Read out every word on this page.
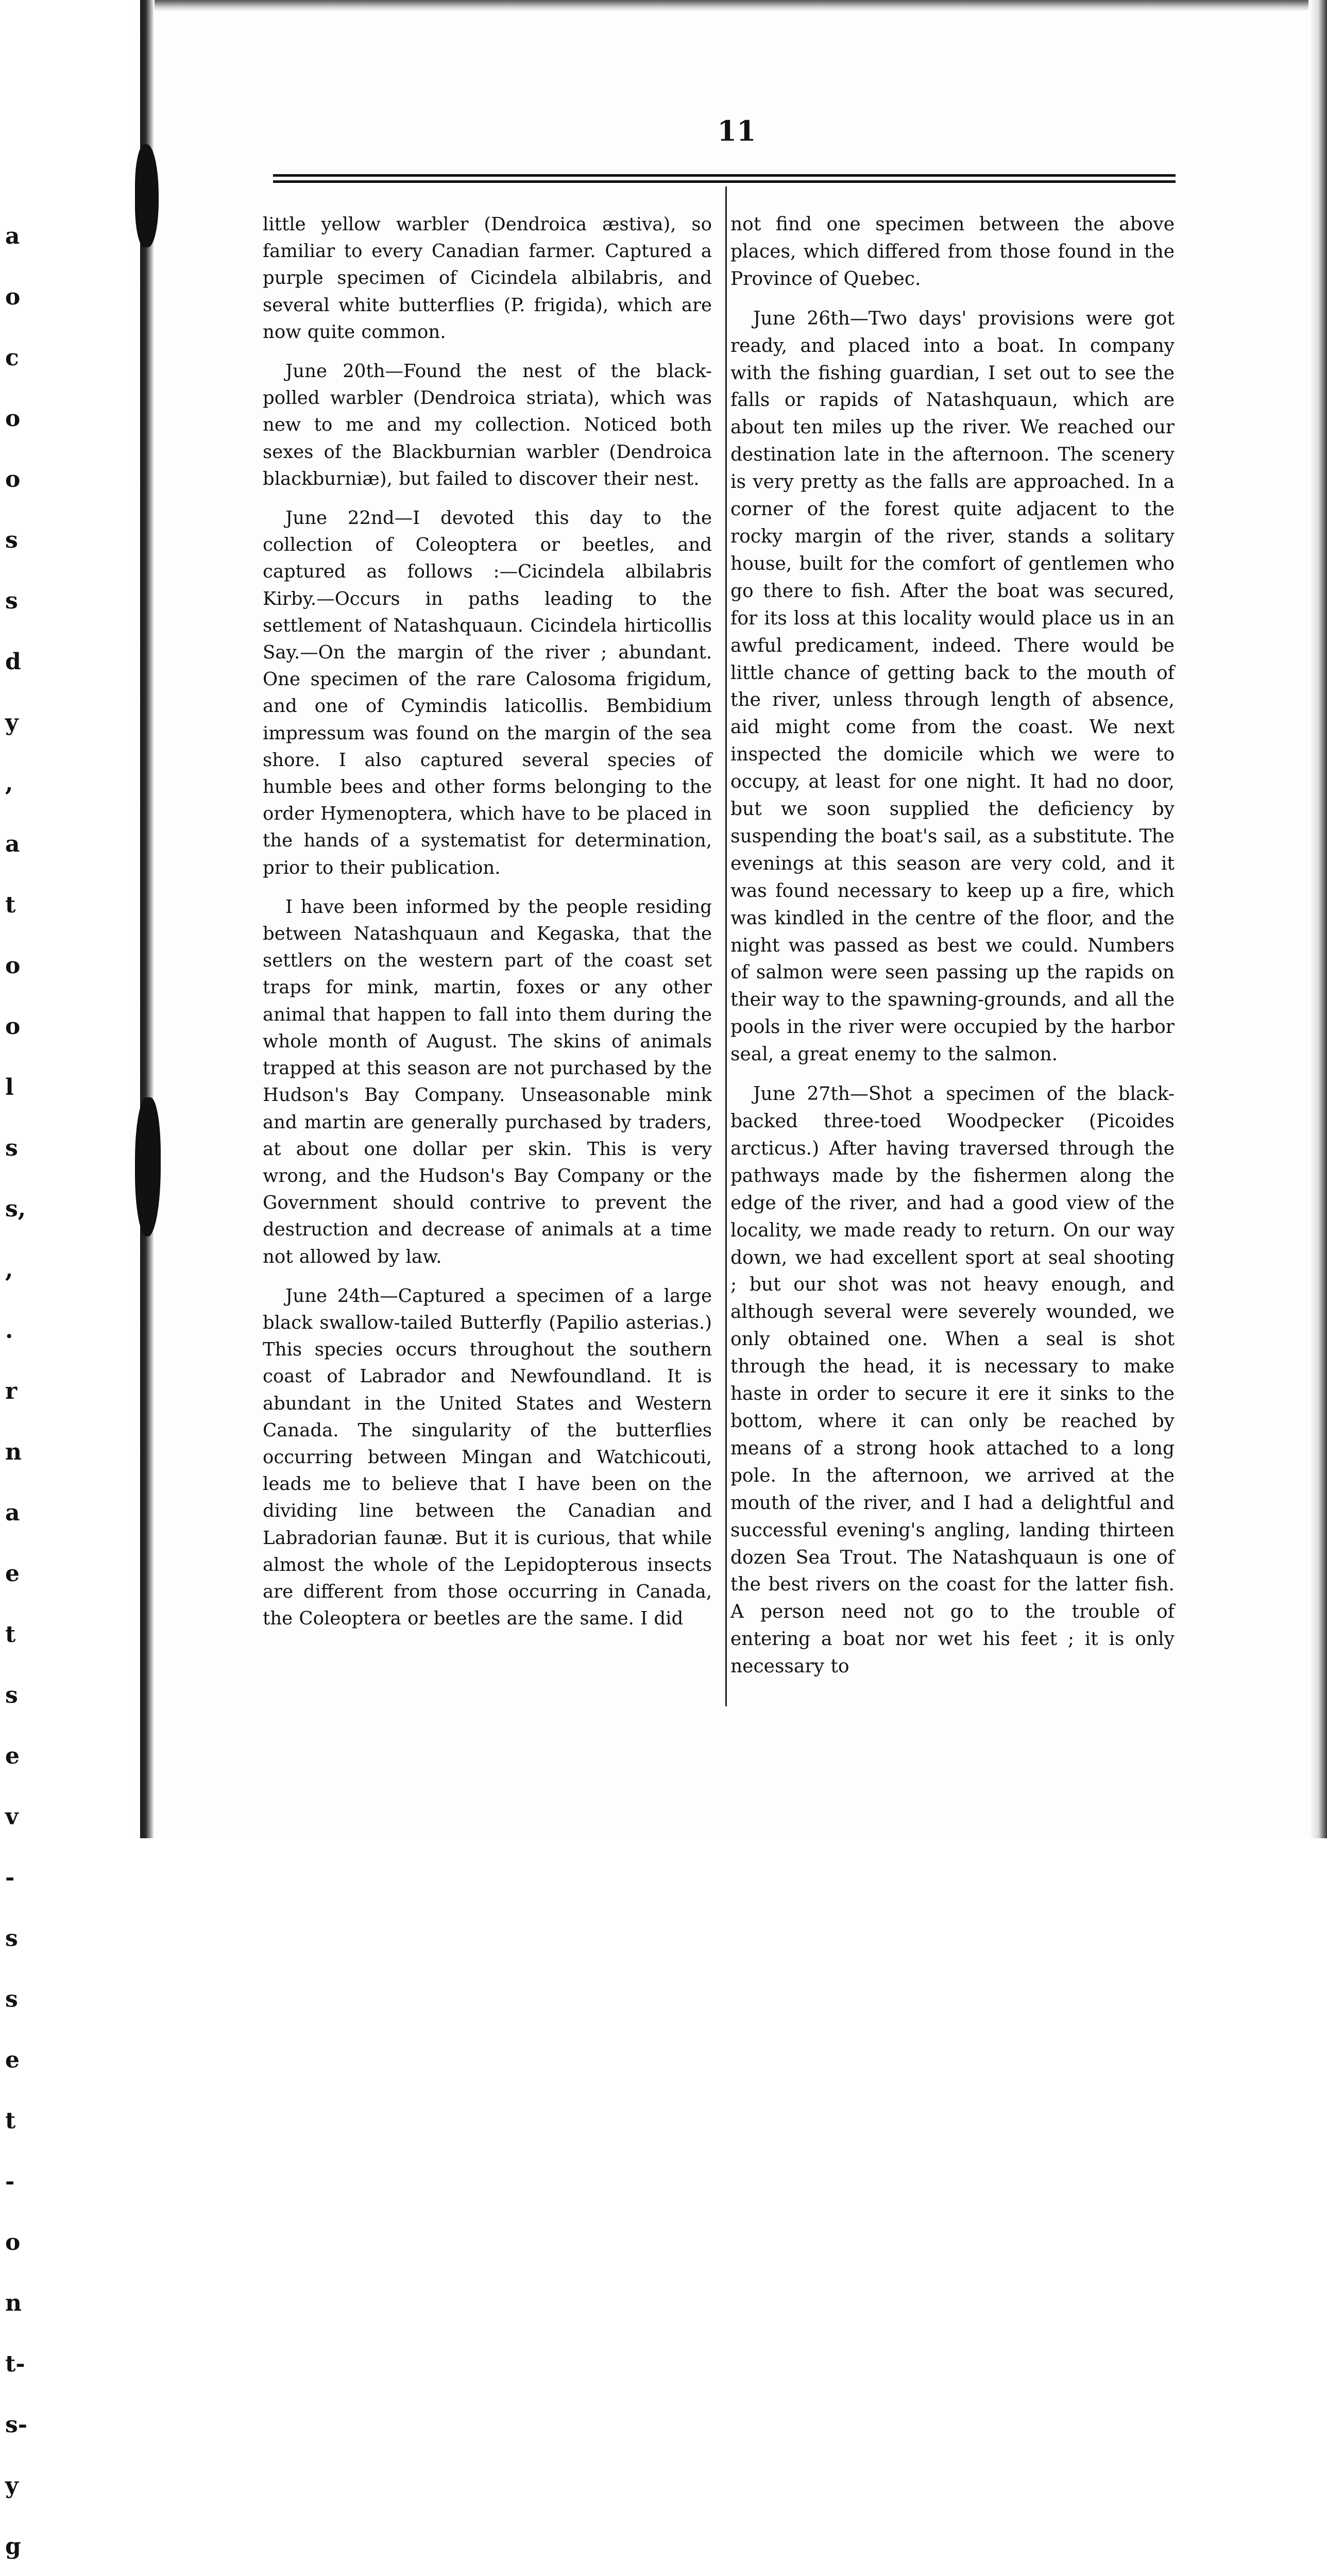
a
o
c
o
o
s
s
d
y
,
a
t
o
o
l
s
s,
,
.
r
n
a
e
t
s
e
v
-
s
s
e
t
-
o
n
t-
s-
y
g
11

little yellow warbler (Dendroica æstiva), so familiar to every Canadian farmer. Captured a purple specimen of Cicindela albilabris, and several white butterflies (P. frigida), which are now quite common.

June 20th—Found the nest of the black-polled warbler (Dendroica striata), which was new to me and my collection. Noticed both sexes of the Blackburnian warbler (Dendroica blackburniæ), but failed to discover their nest.

June 22nd—I devoted this day to the collection of Coleoptera or beetles, and captured as follows :—Cicindela albilabris Kirby.—Occurs in paths leading to the settlement of Natashquaun. Cicindela hirticollis Say.—On the margin of the river ; abundant. One specimen of the rare Calosoma frigidum, and one of Cymindis laticollis. Bembidium impressum was found on the margin of the sea shore. I also captured several species of humble bees and other forms belonging to the order Hymenoptera, which have to be placed in the hands of a systematist for determination, prior to their publication.

I have been informed by the people residing between Natashquaun and Kegaska, that the settlers on the western part of the coast set traps for mink, martin, foxes or any other animal that happen to fall into them during the whole month of August. The skins of animals trapped at this season are not purchased by the Hudson's Bay Company. Unseasonable mink and martin are generally purchased by traders, at about one dollar per skin. This is very wrong, and the Hudson's Bay Company or the Government should contrive to prevent the destruction and decrease of animals at a time not allowed by law.

June 24th—Captured a specimen of a large black swallow-tailed Butterfly (Papilio asterias.) This species occurs throughout the southern coast of Labrador and Newfoundland. It is abundant in the United States and Western Canada. The singularity of the butterflies occurring between Mingan and Watchicouti, leads me to believe that I have been on the dividing line between the Canadian and Labradorian faunæ. But it is curious, that while almost the whole of the Lepidopterous insects are different from those occurring in Canada, the Coleoptera or beetles are the same. I did

not find one specimen between the above places, which differed from those found in the Province of Quebec.

June 26th—Two days' provisions were got ready, and placed into a boat. In company with the fishing guardian, I set out to see the falls or rapids of Natashquaun, which are about ten miles up the river. We reached our destination late in the afternoon. The scenery is very pretty as the falls are approached. In a corner of the forest quite adjacent to the rocky margin of the river, stands a solitary house, built for the comfort of gentlemen who go there to fish. After the boat was secured, for its loss at this locality would place us in an awful predicament, indeed. There would be little chance of getting back to the mouth of the river, unless through length of absence, aid might come from the coast. We next inspected the domicile which we were to occupy, at least for one night. It had no door, but we soon supplied the deficiency by suspending the boat's sail, as a substitute. The evenings at this season are very cold, and it was found necessary to keep up a fire, which was kindled in the centre of the floor, and the night was passed as best we could. Numbers of salmon were seen passing up the rapids on their way to the spawning-grounds, and all the pools in the river were occupied by the harbor seal, a great enemy to the salmon.

June 27th—Shot a specimen of the black-backed three-toed Woodpecker (Picoides arcticus.) After having traversed through the pathways made by the fishermen along the edge of the river, and had a good view of the locality, we made ready to return. On our way down, we had excellent sport at seal shooting ; but our shot was not heavy enough, and although several were severely wounded, we only obtained one. When a seal is shot through the head, it is necessary to make haste in order to secure it ere it sinks to the bottom, where it can only be reached by means of a strong hook attached to a long pole. In the afternoon, we arrived at the mouth of the river, and I had a delightful and successful evening's angling, landing thirteen dozen Sea Trout. The Natashquaun is one of the best rivers on the coast for the latter fish. A person need not go to the trouble of entering a boat nor wet his feet ; it is only necessary to
